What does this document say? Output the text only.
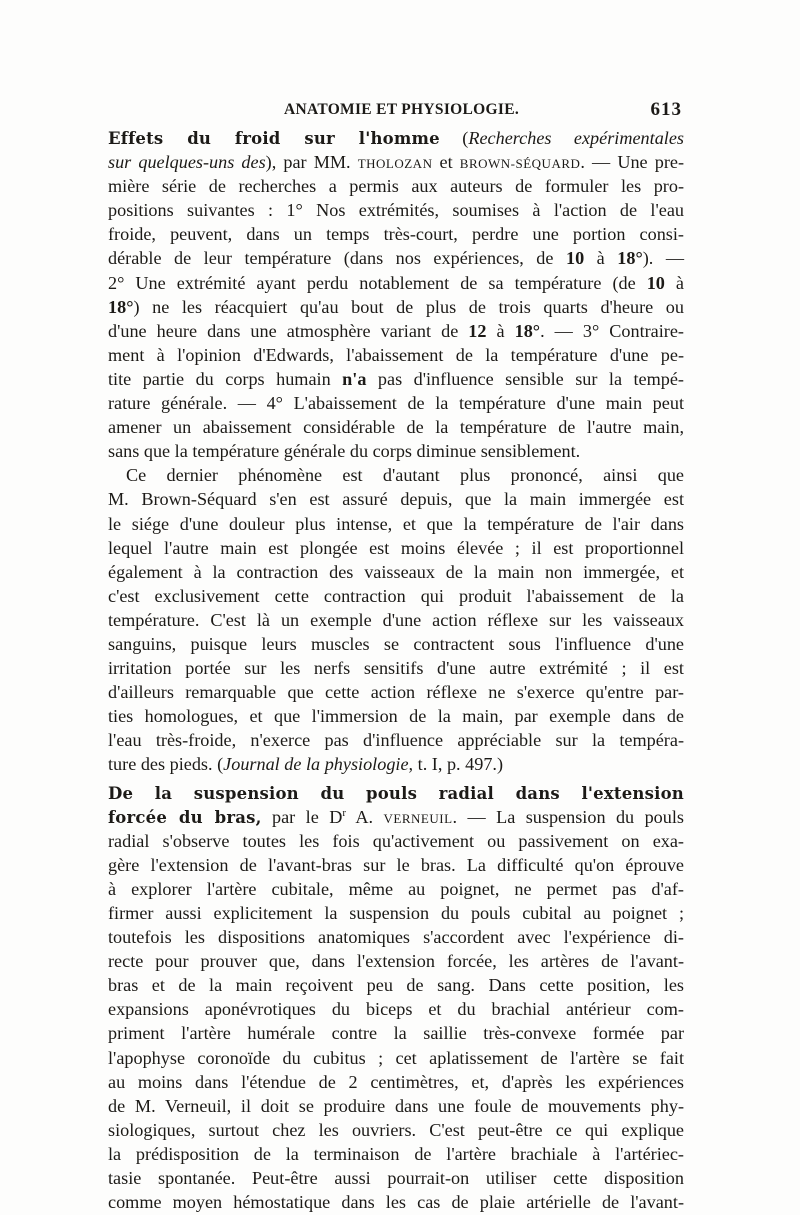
ANATOMIE ET PHYSIOLOGIE.	613
Effets du froid sur l'homme (Recherches expérimentales
sur quelques-uns des), par MM. THOLOZAN et BROWN-SÉQUARD. — Une pre-
mière série de recherches a permis aux auteurs de formuler les pro-
positions suivantes : 1° Nos extrémités, soumises à l'action de l'eau
froide, peuvent, dans un temps très-court, perdre une portion consi-
dérable de leur température (dans nos expériences, de 10 à 18°). —
2° Une extrémité ayant perdu notablement de sa température (de 10 à
18°) ne les réacquiert qu'au bout de plus de trois quarts d'heure ou
d'une heure dans une atmosphère variant de 12 à 18°. — 3° Contraire-
ment à l'opinion d'Edwards, l'abaissement de la température d'une pe-
tite partie du corps humain n'a pas d'influence sensible sur la tempé-
rature générale. — 4° L'abaissement de la température d'une main peut
amener un abaissement considérable de la température de l'autre main,
sans que la température générale du corps diminue sensiblement.
Ce dernier phénomène est d'autant plus prononcé, ainsi que
M. Brown-Séquard s'en est assuré depuis, que la main immergée est
le siége d'une douleur plus intense, et que la température de l'air dans
lequel l'autre main est plongée est moins élevée ; il est proportionnel
également à la contraction des vaisseaux de la main non immergée, et
c'est exclusivement cette contraction qui produit l'abaissement de la
température. C'est là un exemple d'une action réflexe sur les vaisseaux
sanguins, puisque leurs muscles se contractent sous l'influence d'une
irritation portée sur les nerfs sensitifs d'une autre extrémité ; il est
d'ailleurs remarquable que cette action réflexe ne s'exerce qu'entre par-
ties homologues, et que l'immersion de la main, par exemple dans de
l'eau très-froide, n'exerce pas d'influence appréciable sur la tempéra-
ture des pieds. (Journal de la physiologie, t. I, p. 497.)
De la suspension du pouls radial dans l'extension
forcée du bras, par le $D^r$ A. VERNEUIL. — La suspension du pouls
radial s'observe toutes les fois qu'activement ou passivement on exa-
gère l'extension de l'avant-bras sur le bras. La difficulté qu'on éprouve
à explorer l'artère cubitale, même au poignet, ne permet pas d'af-
firmer aussi explicitement la suspension du pouls cubital au poignet ;
toutefois les dispositions anatomiques s'accordent avec l'expérience di-
recte pour prouver que, dans l'extension forcée, les artères de l'avant-
bras et de la main reçoivent peu de sang. Dans cette position, les
expansions aponévrotiques du biceps et du brachial antérieur com-
priment l'artère humérale contre la saillie très-convexe formée par
l'apophyse coronoïde du cubitus ; cet aplatissement de l'artère se fait
au moins dans l'étendue de 2 centimètres, et, d'après les expériences
de M. Verneuil, il doit se produire dans une foule de mouvements phy-
siologiques, surtout chez les ouvriers. C'est peut-être ce qui explique
la prédisposition de la terminaison de l'artère brachiale à l'artériec-
tasie spontanée. Peut-être aussi pourrait-on utiliser cette disposition
comme moyen hémostatique dans les cas de plaie artérielle de l'avant-
